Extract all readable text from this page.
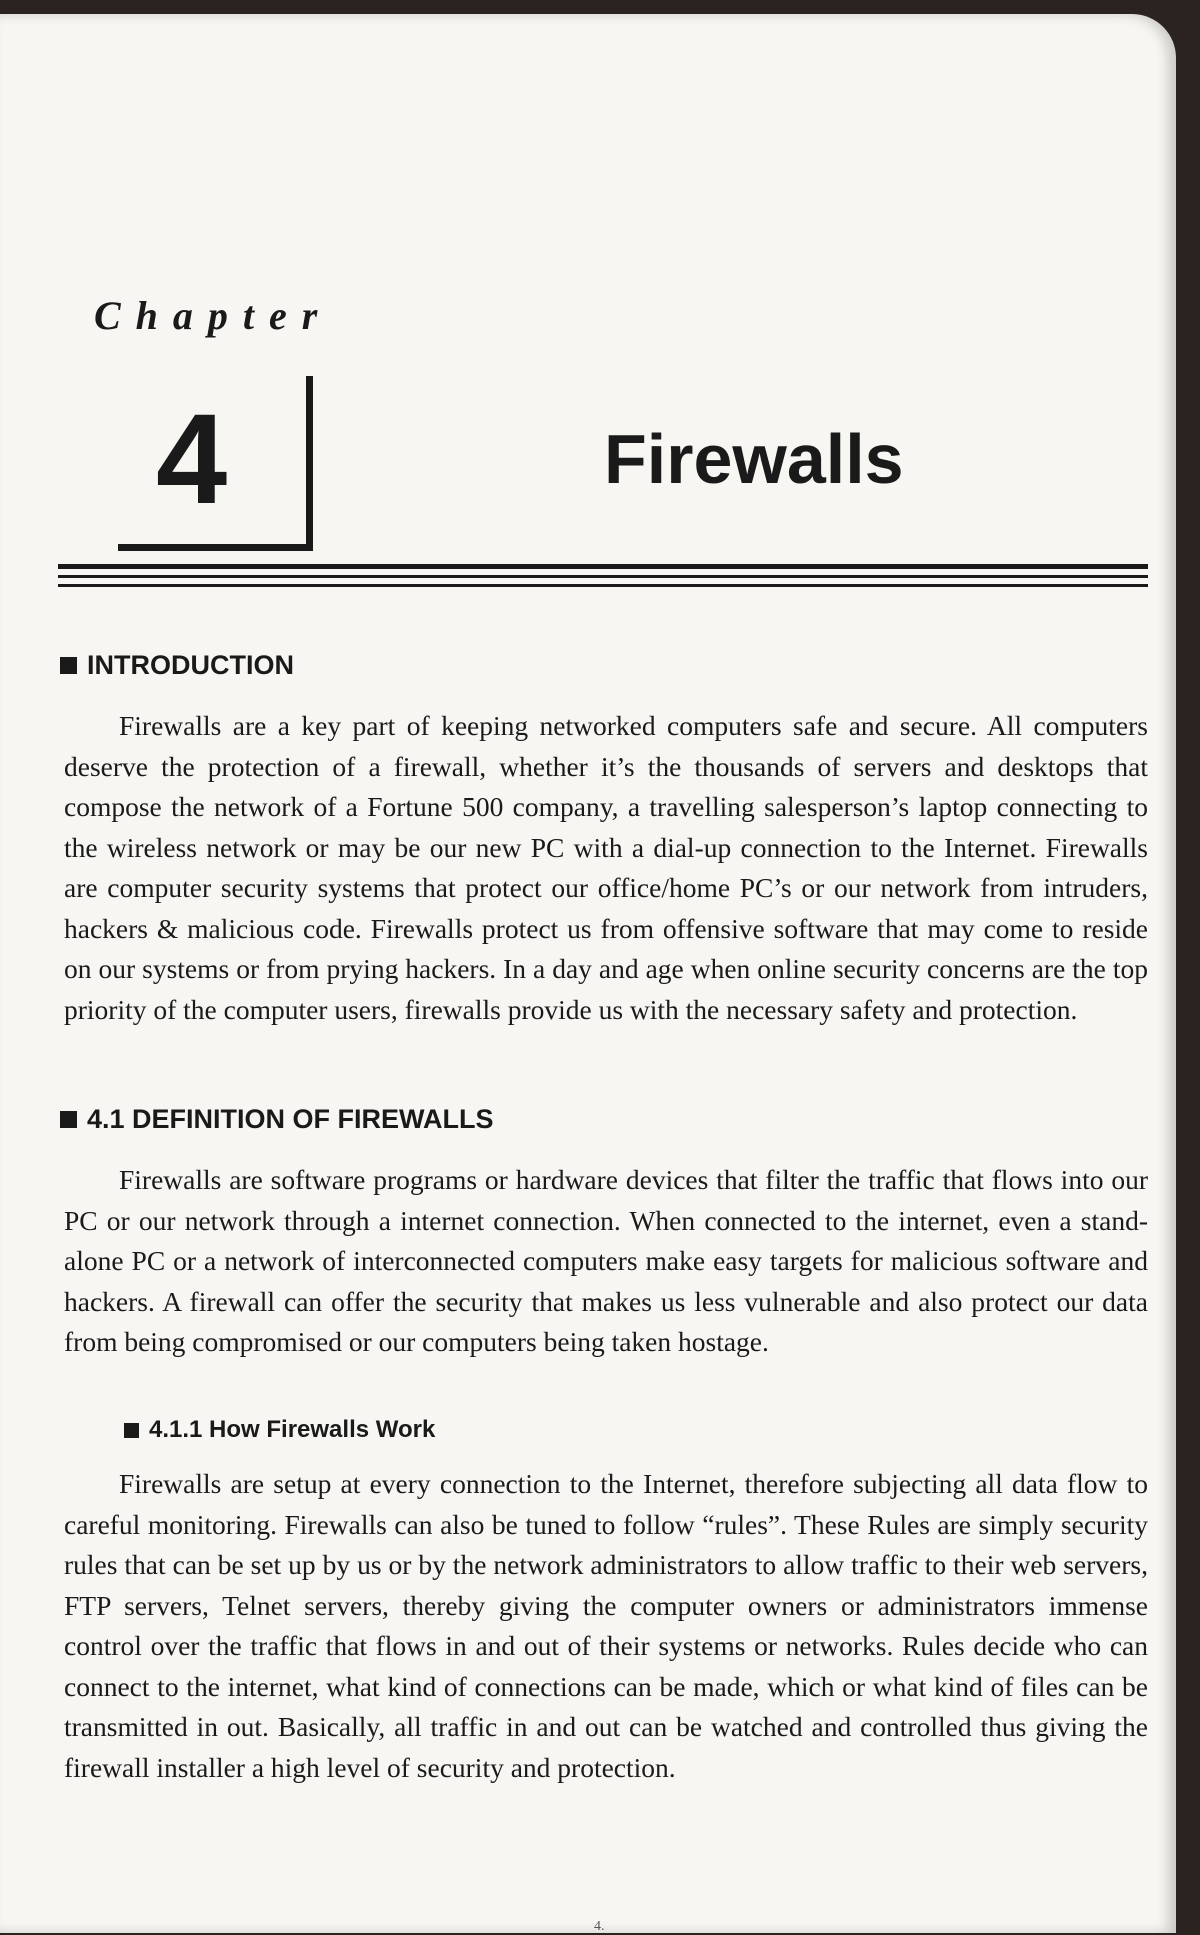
Chapter
4	Firewalls
INTRODUCTION

Firewalls are a key part of keeping networked computers safe and secure. All computers deserve the protection of a firewall, whether it’s the thousands of servers and desktops that compose the network of a Fortune 500 company, a travelling salesperson’s laptop connecting to the wireless network or may be our new PC with a dial-up connection to the Internet. Firewalls are computer security systems that protect our office/home PC’s or our network from intruders, hackers & malicious code. Firewalls protect us from offensive software that may come to reside on our systems or from prying hackers. In a day and age when online security concerns are the top priority of the computer users, firewalls provide us with the necessary safety and protection.

4.1 DEFINITION OF FIREWALLS

Firewalls are software programs or hardware devices that filter the traffic that flows into our PC or our network through a internet connection. When connected to the internet, even a stand-alone PC or a network of interconnected computers make easy targets for malicious software and hackers. A firewall can offer the security that makes us less vulnerable and also protect our data from being compromised or our computers being taken hostage.

4.1.1 How Firewalls Work

Firewalls are setup at every connection to the Internet, therefore subjecting all data flow to careful monitoring. Firewalls can also be tuned to follow “rules”. These Rules are simply security rules that can be set up by us or by the network administrators to allow traffic to their web servers, FTP servers, Telnet servers, thereby giving the computer owners or administrators immense control over the traffic that flows in and out of their systems or networks. Rules decide who can connect to the internet, what kind of connections can be made, which or what kind of files can be transmitted in out. Basically, all traffic in and out can be watched and controlled thus giving the firewall installer a high level of security and protection.

4.
